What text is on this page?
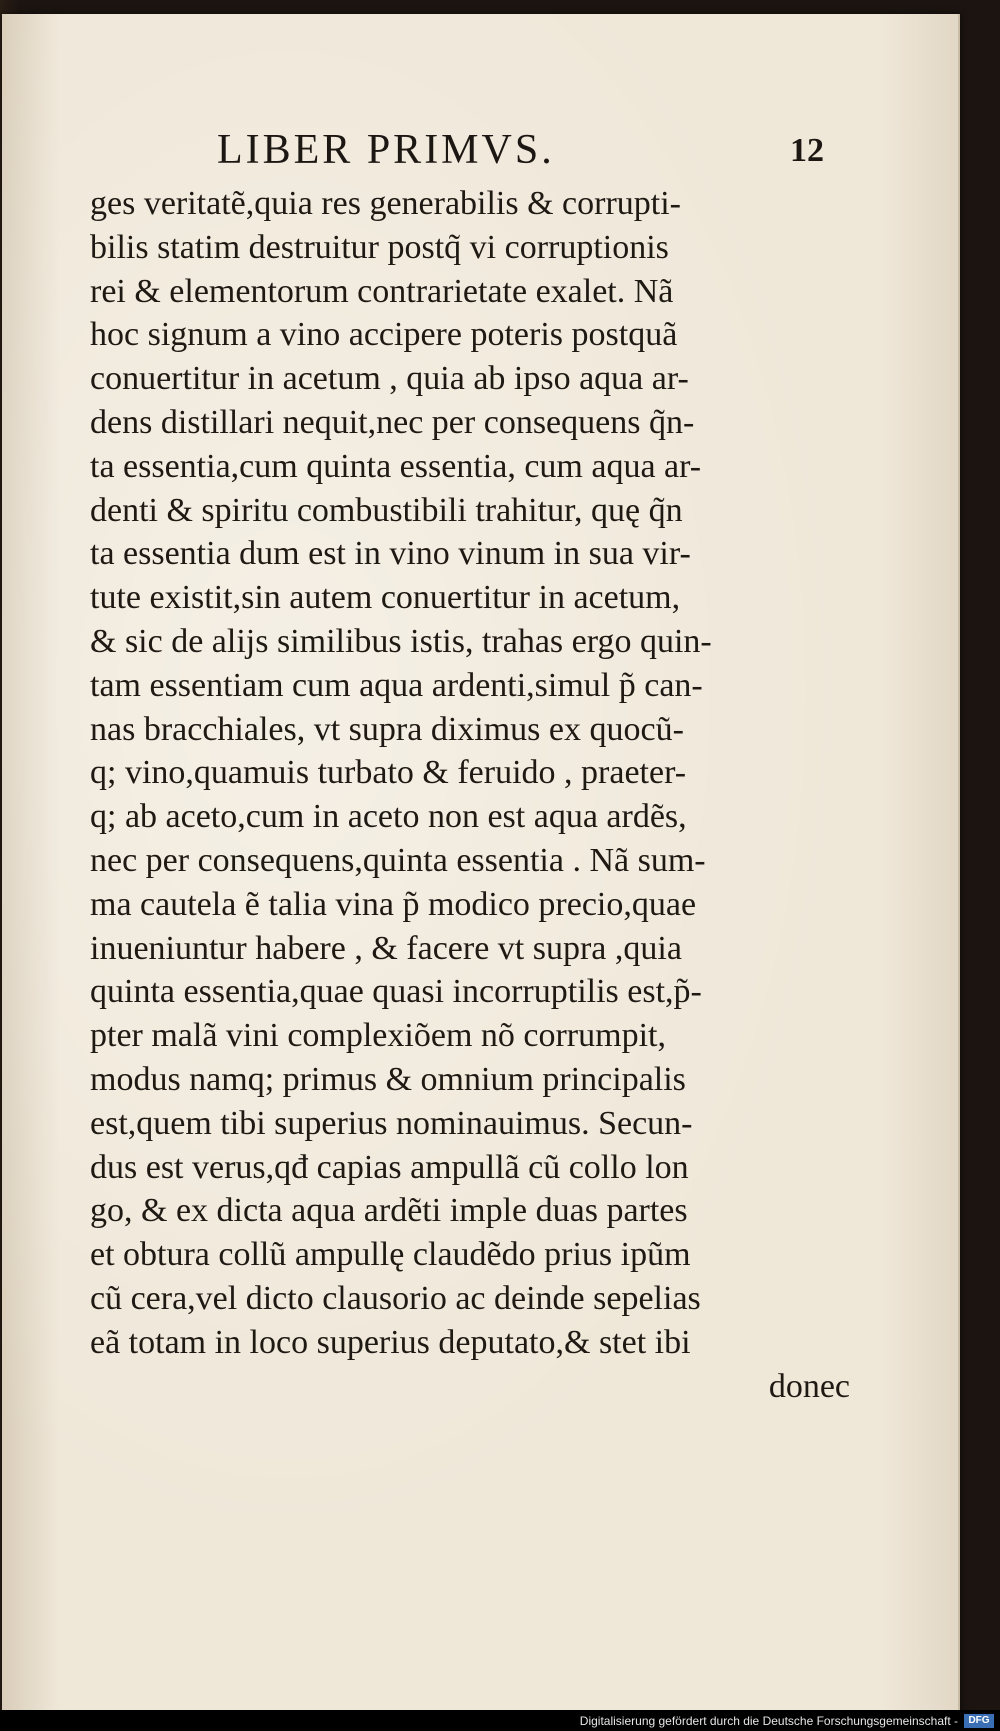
LIBER PRIMVS.	12
ges veritatẽ,quia res generabilis & corrupti-
bilis statim destruitur postq̃ vi corruptionis
rei & elementorum contrarietate exalet. Nã
hoc signum a vino accipere poteris postquã
conuertitur in acetum , quia ab ipso aqua ar-
dens distillari nequit,nec per consequens q̃n-
ta essentia,cum quinta essentia, cum aqua ar-
denti & spiritu combustibili trahitur, quę q̃n
ta essentia dum est in vino vinum in sua vir-
tute existit,sin autem conuertitur in acetum,
& sic de alijs similibus istis, trahas ergo quin-
tam essentiam cum aqua ardenti,simul p̃ can-
nas bracchiales, vt supra diximus ex quocũ-
q; vino,quamuis turbato & feruido , praeter-
q; ab aceto,cum in aceto non est aqua ardẽs,
nec per consequens,quinta essentia . Nã sum-
ma cautela ẽ talia vina p̃ modico precio,quae
inueniuntur habere , & facere vt supra ,quia
quinta essentia,quae quasi incorruptilis est,p̃-
pter malã vini complexiõem nõ corrumpit,
modus namq; primus & omnium principalis
est,quem tibi superius nominauimus. Secun-
dus est verus,qđ capias ampullã cũ collo lon
go, & ex dicta aqua ardẽti imple duas partes
et obtura collũ ampullę claudẽdo prius ipũm
cũ cera,vel dicto clausorio ac deinde sepelias
eã totam in loco superius deputato,& stet ibi
donec
Digitalisierung gefördert durch die Deutsche Forschungsgemeinschaft -	DFG
